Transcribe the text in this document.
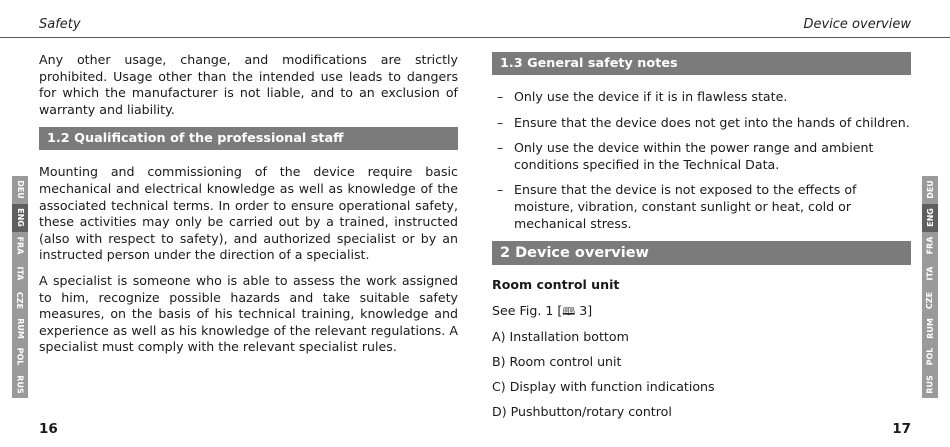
Safety	Device overview

Any other usage, change, and modifications are strictly prohibited. Usage other than the intended use leads to dangers for which the manufacturer is not liable, and to an exclusion of warranty and liability.

1.2 Qualification of the professional staff

Mounting and commissioning of the device require basic mechanical and electrical knowledge as well as knowledge of the associated technical terms. In order to ensure operational safety, these activities may only be carried out by a trained, instructed (also with respect to safety), and authorized specialist or by an instructed person under the direction of a specialist.

A specialist is someone who is able to assess the work assigned to him, recognize possible hazards and take suitable safety measures, on the basis of his technical training, knowledge and experience as well as his knowledge of the relevant regulations. A specialist must comply with the relevant specialist rules.

1.3 General safety notes
– Only use the device if it is in flawless state.
– Ensure that the device does not get into the hands of children.
– Only use the device within the power range and ambient conditions specified in the Technical Data.
– Ensure that the device is not exposed to the effects of moisture, vibration, constant sunlight or heat, cold or mechanical stress.
2 Device overview
Room control unit
See Fig. 1 [🕮 3]
A) Installation bottom
B) Room control unit
C) Display with function indications
D) Pushbutton/rotary control
DEU
ENG
FRA
ITA
CZE
RUM
POL
RUS
DEU
ENG
FRA
ITA
CZE
RUM
POL
RUS
16	17
